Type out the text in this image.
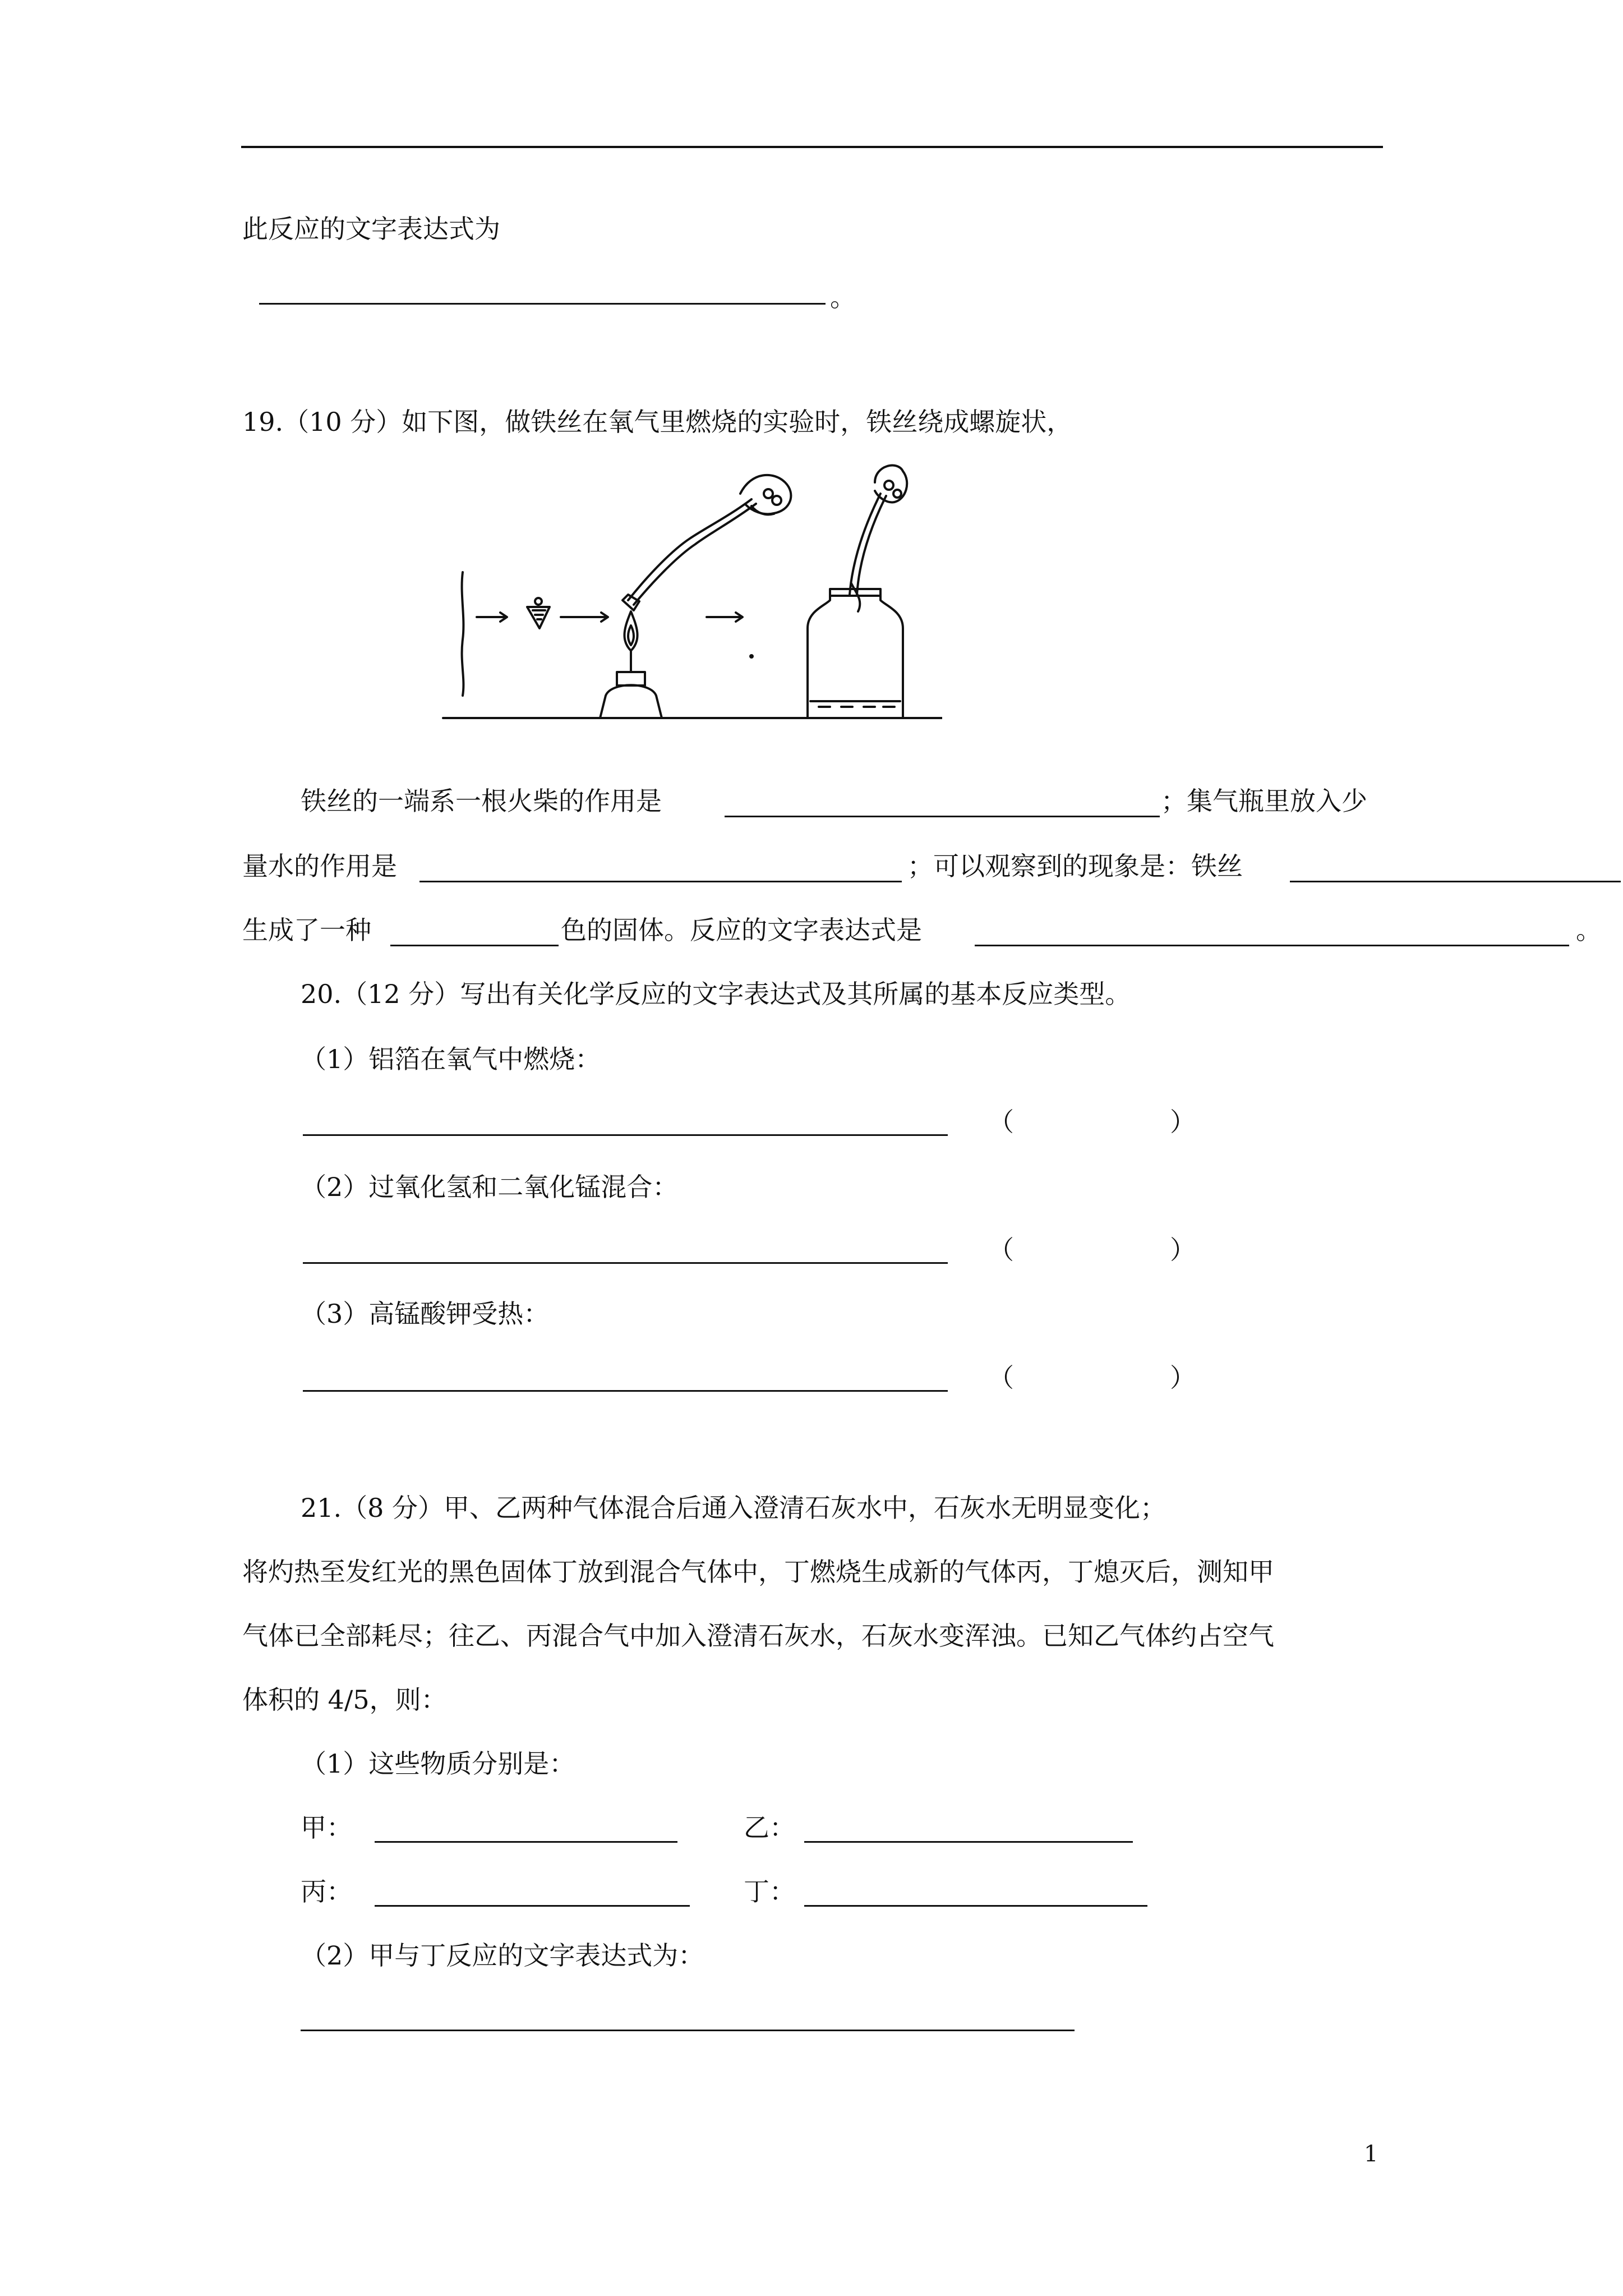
此反应的文字表达式为
。
19.（10 分）如下图，做铁丝在氧气里燃烧的实验时，铁丝绕成螺旋状，
铁丝的一端系一根火柴的作用是	；集气瓶里放入少
量水的作用是	；可以观察到的现象是：铁丝
生成了一种	色的固体。反应的文字表达式是	。
20.（12 分）写出有关化学反应的文字表达式及其所属的基本反应类型。
（1）铝箔在氧气中燃烧：
（	）
（2）过氧化氢和二氧化锰混合：
（	）
（3）高锰酸钾受热：
（	）
21.（8 分）甲、乙两种气体混合后通入澄清石灰水中，石灰水无明显变化；
将灼热至发红光的黑色固体丁放到混合气体中，丁燃烧生成新的气体丙，丁熄灭后，测知甲
气体已全部耗尽；往乙、丙混合气中加入澄清石灰水，石灰水变浑浊。已知乙气体约占空气
体积的 4/5，则：
（1）这些物质分别是：
甲：	乙：
丙：	丁：
（2）甲与丁反应的文字表达式为：
1
